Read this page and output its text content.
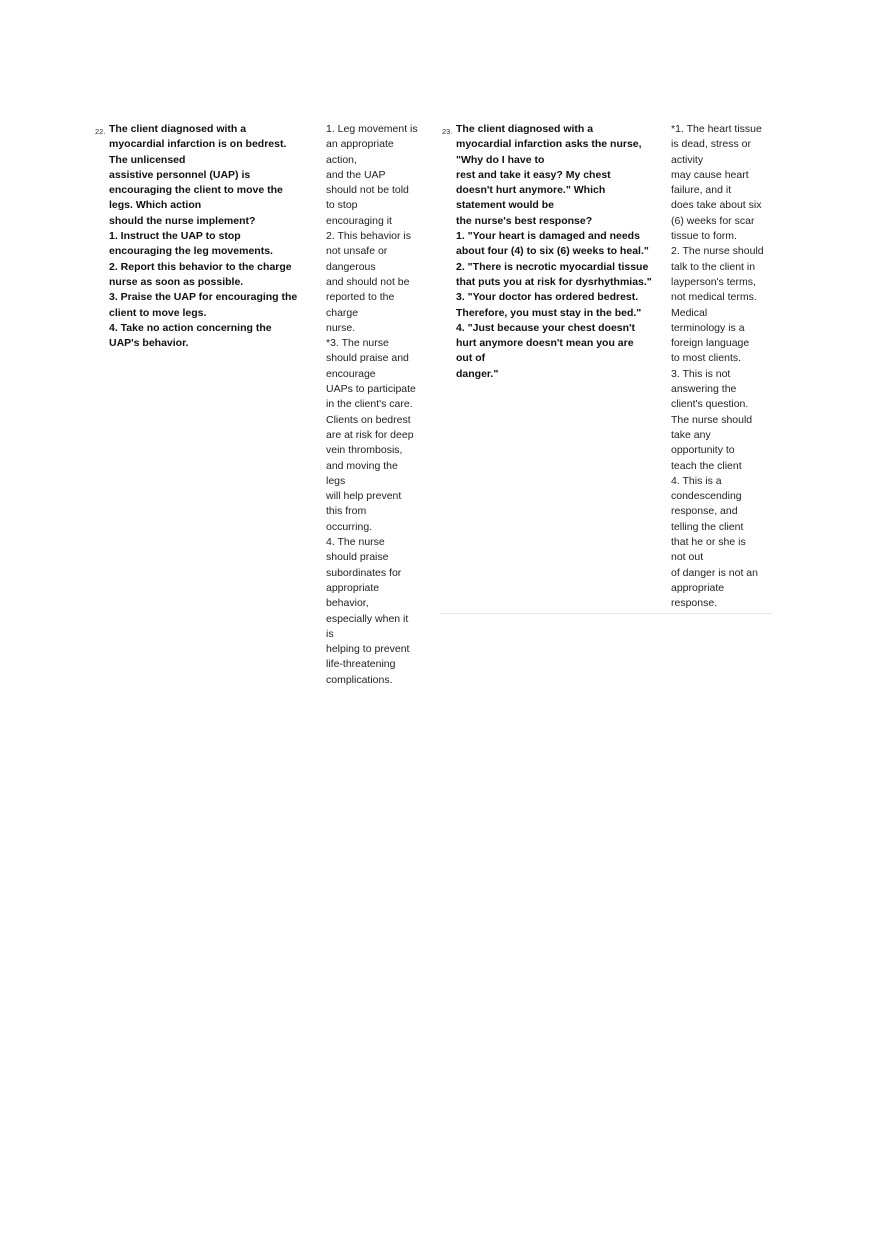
22. The client diagnosed with a
myocardial infarction is on bedrest.
The unlicensed
assistive personnel (UAP) is
encouraging the client to move the
legs. Which action
should the nurse implement?
1. Instruct the UAP to stop
encouraging the leg movements.
2. Report this behavior to the charge
nurse as soon as possible.
3. Praise the UAP for encouraging the
client to move legs.
4. Take no action concerning the
UAP's behavior.
1. Leg movement is
an appropriate
action,
and the UAP
should not be told
to stop
encouraging it
2. This behavior is
not unsafe or
dangerous
and should not be
reported to the
charge
nurse.
*3. The nurse
should praise and
encourage
UAPs to participate
in the client's care.
Clients on bedrest
are at risk for deep
vein thrombosis,
and moving the
legs
will help prevent
this from
occurring.
4. The nurse
should praise
subordinates for
appropriate
behavior,
especially when it
is
helping to prevent
life-threatening
complications.
23. The client diagnosed with a
myocardial infarction asks the nurse,
"Why do I have to
rest and take it easy? My chest
doesn't hurt anymore." Which
statement would be
the nurse's best response?
1. "Your heart is damaged and needs
about four (4) to six (6) weeks to heal."
2. "There is necrotic myocardial tissue
that puts you at risk for dysrhythmias."
3. "Your doctor has ordered bedrest.
Therefore, you must stay in the bed."
4. "Just because your chest doesn't
hurt anymore doesn't mean you are
out of
danger."
*1. The heart tissue
is dead, stress or
activity
may cause heart
failure, and it
does take about six
(6) weeks for scar
tissue to form.
2. The nurse should
talk to the client in
layperson's terms,
not medical terms.
Medical
terminology is a
foreign language
to most clients.
3. This is not
answering the
client's question.
The nurse should
take any
opportunity to
teach the client
4. This is a
condescending
response, and
telling the client
that he or she is
not out
of danger is not an
appropriate
response.
